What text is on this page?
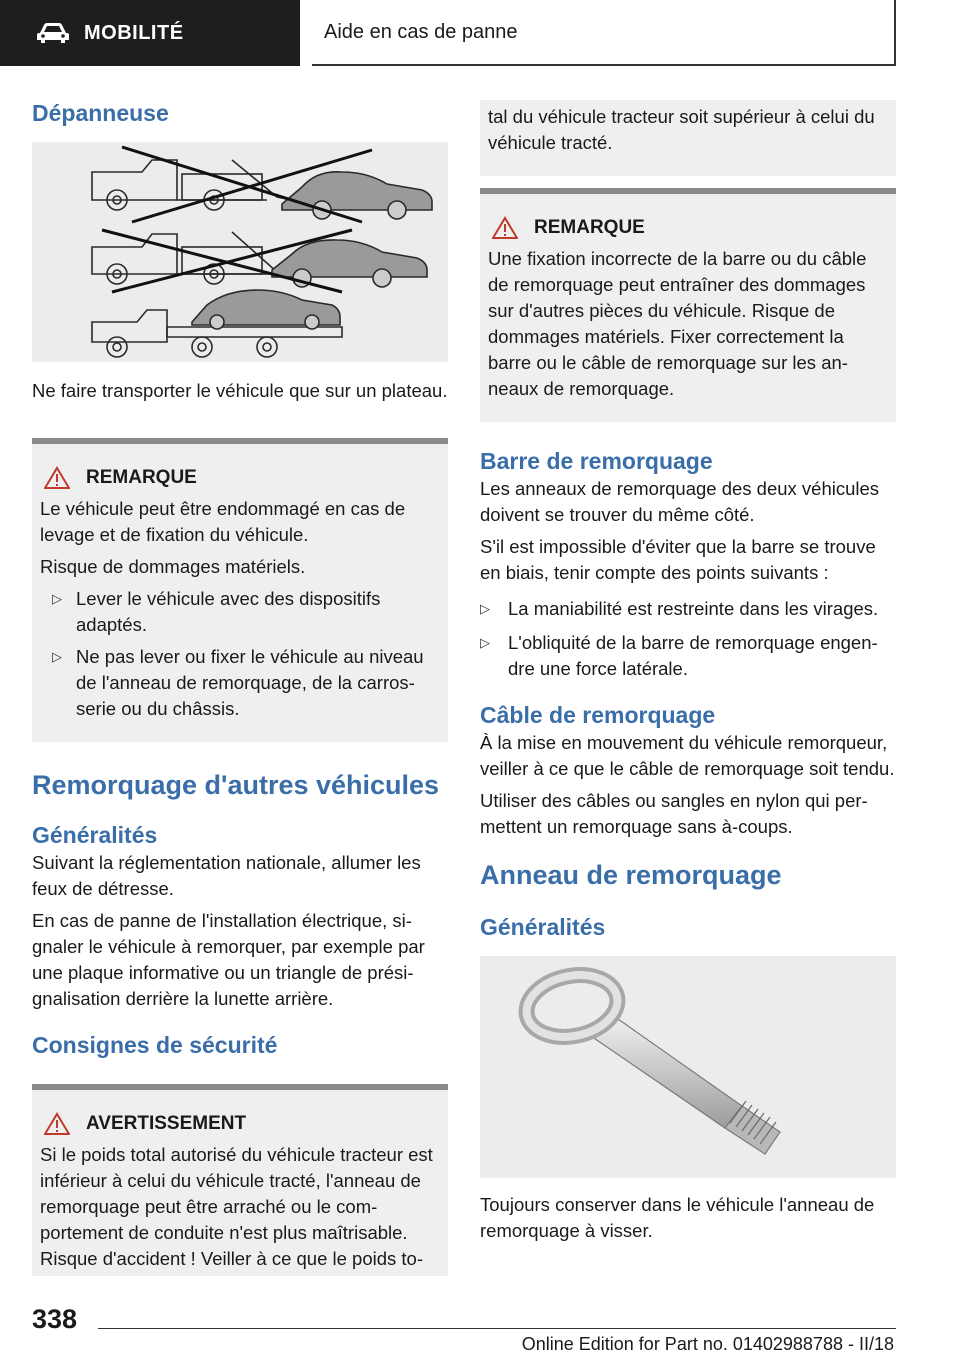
MOBILITÉ	Aide en cas de panne
Dépanneuse

Ne faire transporter le véhicule que sur un plateau.

REMARQUE

Le véhicule peut être endommagé en cas de levage et de fixation du véhicule.

Risque de dommages matériels.

▷ Lever le véhicule avec des dispositifs adaptés.
▷ Ne pas lever ou fixer le véhicule au niveau de l'anneau de remorquage, de la carrosserie ou du châssis.
Remorquage d'autres véhicules
Généralités

Suivant la réglementation nationale, allumer les feux de détresse.

En cas de panne de l'installation électrique, signaler le véhicule à remorquer, par exemple par une plaque informative ou un triangle de présignalisation derrière la lunette arrière.

Consignes de sécurité
AVERTISSEMENT

Si le poids total autorisé du véhicule tracteur est inférieur à celui du véhicule tracté, l'anneau de remorquage peut être arraché ou le comportement de conduite n'est plus maîtrisable. Risque d'accident ! Veiller à ce que le poids to-

tal du véhicule tracteur soit supérieur à celui du véhicule tracté.

REMARQUE

Une fixation incorrecte de la barre ou du câble de remorquage peut entraîner des dommages sur d'autres pièces du véhicule. Risque de dommages matériels. Fixer correctement la barre ou le câble de remorquage sur les anneaux de remorquage.

Barre de remorquage

Les anneaux de remorquage des deux véhicules doivent se trouver du même côté.

S'il est impossible d'éviter que la barre se trouve en biais, tenir compte des points suivants :

▷ La maniabilité est restreinte dans les virages.
▷ L'obliquité de la barre de remorquage engendre une force latérale.
Câble de remorquage

À la mise en mouvement du véhicule remorqueur, veiller à ce que le câble de remorquage soit tendu.

Utiliser des câbles ou sangles en nylon qui permettent un remorquage sans à-coups.

Anneau de remorquage
Généralités

Toujours conserver dans le véhicule l'anneau de remorquage à visser.

338
Online Edition for Part no. 01402988788 - II/18
